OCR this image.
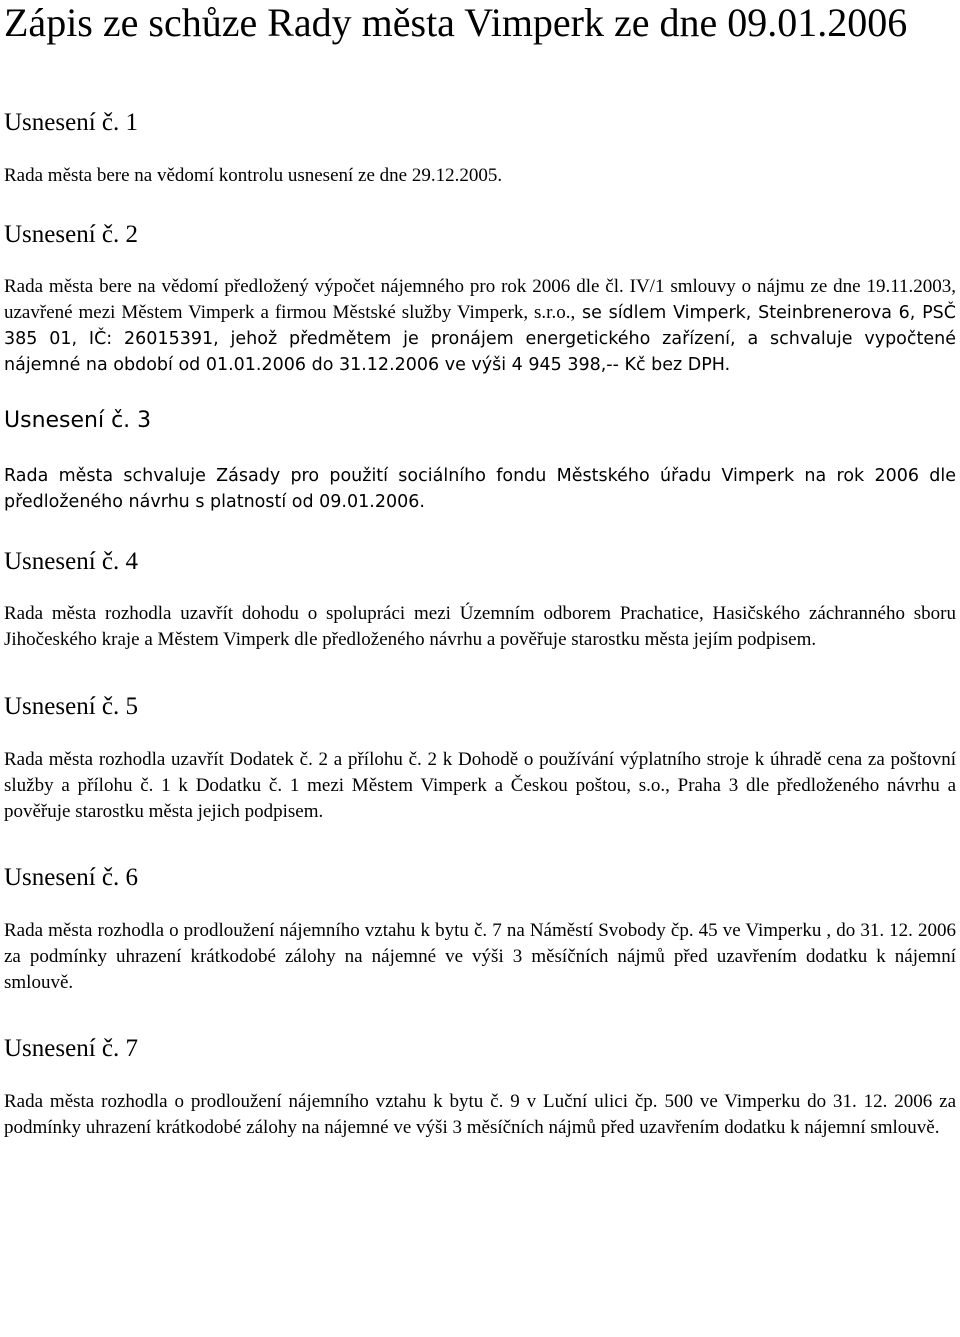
Zápis ze schůze Rady města Vimperk ze dne 09.01.2006
Usnesení č. 1

Rada města bere na vědomí kontrolu usnesení ze dne 29.12.2005.

Usnesení č. 2

Rada města bere na vědomí předložený výpočet nájemného pro rok 2006 dle čl. IV/1 smlouvy o nájmu ze dne 19.11.2003, uzavřené mezi Městem Vimperk a firmou Městské služby Vimperk, s.r.o., se sídlem Vimperk, Steinbrenerova 6, PSČ 385 01, IČ: 26015391, jehož předmětem je pronájem energetického zařízení, a schvaluje vypočtené nájemné na období od 01.01.2006 do 31.12.2006 ve výši 4 945 398,-- Kč bez DPH.

Usnesení č. 3

Rada města schvaluje Zásady pro použití sociálního fondu Městského úřadu Vimperk na rok 2006 dle předloženého návrhu s platností od 09.01.2006.

Usnesení č. 4

Rada města rozhodla uzavřít dohodu o spolupráci mezi Územním odborem Prachatice, Hasičského záchranného sboru Jihočeského kraje a Městem Vimperk dle předloženého návrhu a pověřuje starostku města jejím podpisem.

Usnesení č. 5

Rada města rozhodla uzavřít Dodatek č. 2 a přílohu č. 2 k Dohodě o používání výplatního stroje k úhradě cena za poštovní služby a přílohu č. 1 k Dodatku č. 1 mezi Městem Vimperk a Českou poštou, s.o., Praha 3 dle předloženého návrhu a pověřuje starostku města jejich podpisem.

Usnesení č. 6

Rada města rozhodla o prodloužení nájemního vztahu k bytu č. 7 na Náměstí Svobody čp. 45 ve Vimperku , do 31. 12. 2006 za podmínky uhrazení krátkodobé zálohy na nájemné ve výši 3 měsíčních nájmů před uzavřením dodatku k nájemní smlouvě.

Usnesení č. 7

Rada města rozhodla o prodloužení nájemního vztahu k bytu č. 9 v Luční ulici čp. 500 ve Vimperku do 31. 12. 2006 za podmínky uhrazení krátkodobé zálohy na nájemné ve výši 3 měsíčních nájmů před uzavřením dodatku k nájemní smlouvě.
